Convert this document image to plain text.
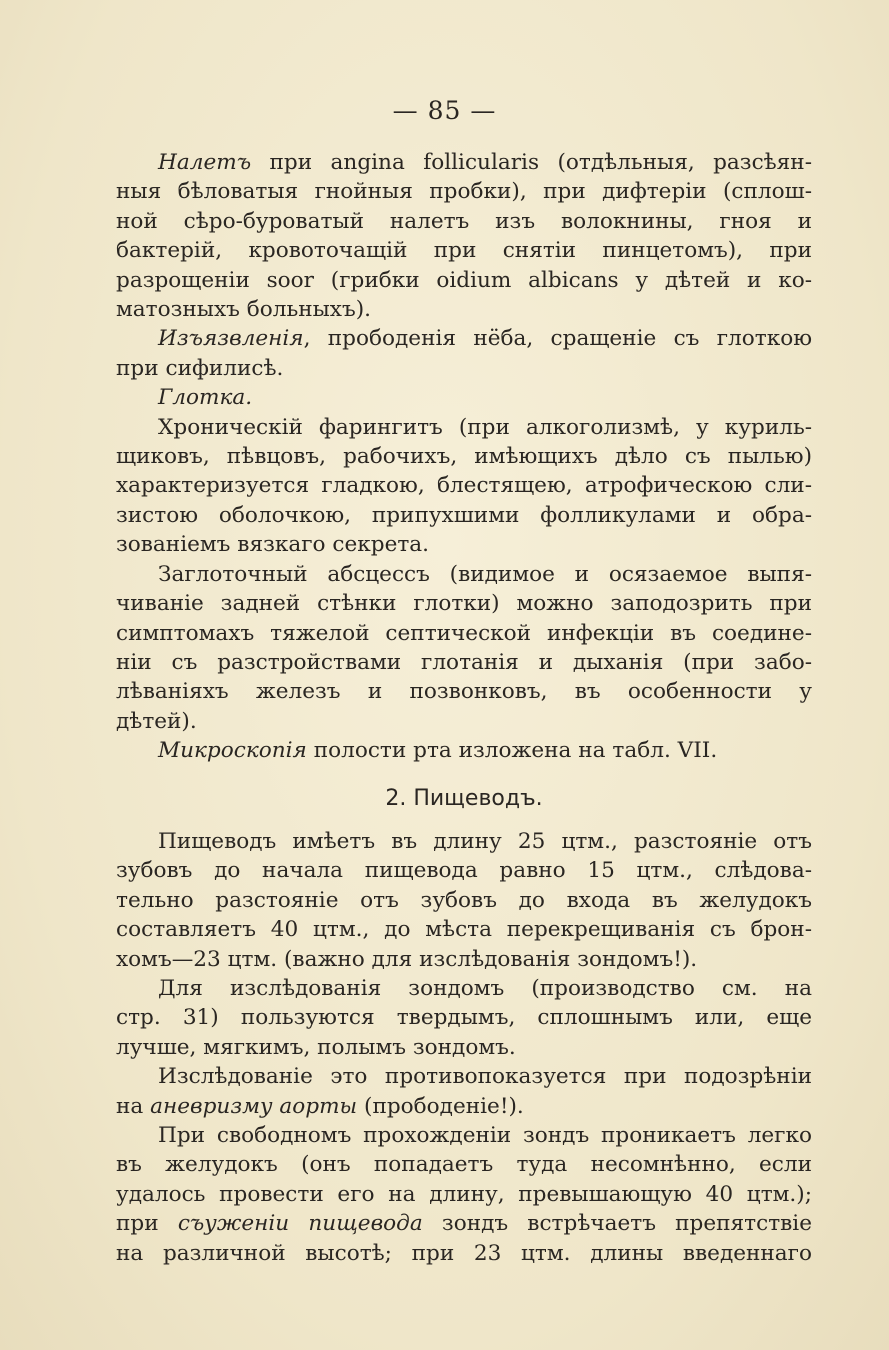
— 85 —
Налетъ при angina follicularis (отдѣльныя, разсѣян-
ныя бѣловатыя гнойныя пробки), при дифтеріи (сплош-
ной сѣро-буроватый налетъ изъ волокнины, гноя и
бактерій, кровоточащій при снятіи пинцетомъ), при
разрощеніи soor (грибки oidium albicans у дѣтей и ко-
матозныхъ больныхъ).
Изъязвленія, прободенія нёба, сращеніе съ глоткою
при сифилисѣ.
Глотка.
Хроническій фарингитъ (при алкоголизмѣ, у куриль-
щиковъ, пѣвцовъ, рабочихъ, имѣющихъ дѣло съ пылью)
характеризуется гладкою, блестящею, атрофическою сли-
зистою оболочкою, припухшими фолликулами и обра-
зованіемъ вязкаго секрета.
Заглоточный абсцессъ (видимое и осязаемое выпя-
чиваніе задней стѣнки глотки) можно заподозрить при
симптомахъ тяжелой септической инфекціи въ соедине-
ніи съ разстройствами глотанія и дыханія (при забо-
лѣваніяхъ железъ и позвонковъ, въ особенности у
дѣтей).
Микроскопія полости рта изложена на табл. VII.
2. Пищеводъ.
Пищеводъ имѣетъ въ длину 25 цтм., разстояніе отъ
зубовъ до начала пищевода равно 15 цтм., слѣдова-
тельно разстояніе отъ зубовъ до входа въ желудокъ
составляетъ 40 цтм., до мѣста перекрещиванія съ брон-
хомъ—23 цтм. (важно для изслѣдованія зондомъ!).
Для изслѣдованія зондомъ (производство см. на
стр. 31) пользуются твердымъ, сплошнымъ или, еще
лучше, мягкимъ, полымъ зондомъ.
Изслѣдованіе это противопоказуется при подозрѣніи
на аневризму аорты (прободеніе!).
При свободномъ прохожденіи зондъ проникаетъ легко
въ желудокъ (онъ попадаетъ туда несомнѣнно, если
удалось провести его на длину, превышающую 40 цтм.);
при съуженіи пищевода зондъ встрѣчаетъ препятствіе
на различной высотѣ; при 23 цтм. длины введеннаго
